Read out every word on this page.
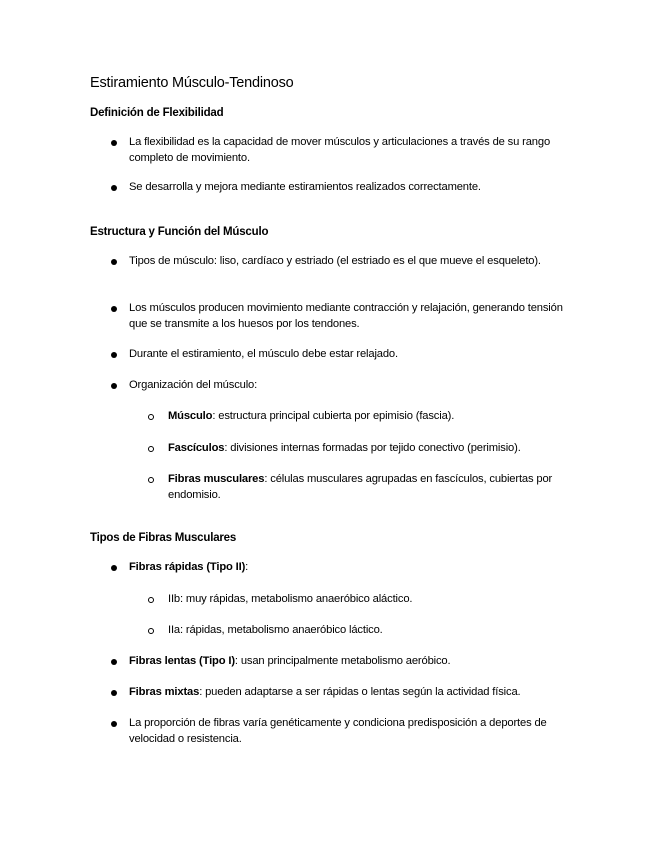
Estiramiento Músculo-Tendinoso
Definición de Flexibilidad
La flexibilidad es la capacidad de mover músculos y articulaciones a través de su rango completo de movimiento.
Se desarrolla y mejora mediante estiramientos realizados correctamente.
Estructura y Función del Músculo
Tipos de músculo: liso, cardíaco y estriado (el estriado es el que mueve el esqueleto).
Los músculos producen movimiento mediante contracción y relajación, generando tensión que se transmite a los huesos por los tendones.
Durante el estiramiento, el músculo debe estar relajado.
Organización del músculo:
Músculo: estructura principal cubierta por epimisio (fascia).
Fascículos: divisiones internas formadas por tejido conectivo (perimisio).
Fibras musculares: células musculares agrupadas en fascículos, cubiertas por endomisio.
Tipos de Fibras Musculares
Fibras rápidas (Tipo II):
IIb: muy rápidas, metabolismo anaeróbico aláctico.
IIa: rápidas, metabolismo anaeróbico láctico.
Fibras lentas (Tipo I): usan principalmente metabolismo aeróbico.
Fibras mixtas: pueden adaptarse a ser rápidas o lentas según la actividad física.
La proporción de fibras varía genéticamente y condiciona predisposición a deportes de velocidad o resistencia.
